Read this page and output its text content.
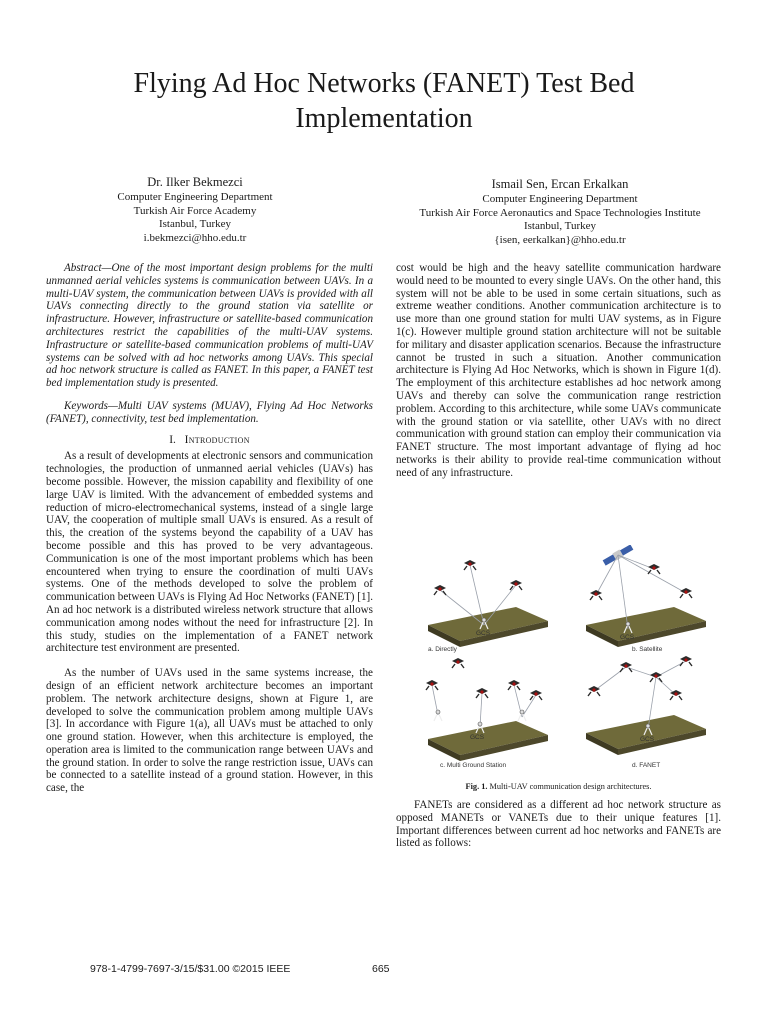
Flying Ad Hoc Networks (FANET) Test Bed
Implementation
Dr. Ilker Bekmezci
Computer Engineering Department
Turkish Air Force Academy
Istanbul, Turkey
i.bekmezci@hho.edu.tr
Ismail Sen, Ercan Erkalkan
Computer Engineering Department
Turkish Air Force Aeronautics and Space Technologies Institute
Istanbul, Turkey
{isen, eerkalkan}@hho.edu.tr

Abstract—One of the most important design problems for the multi unmanned aerial vehicles systems is communication between UAVs. In a multi-UAV system, the communication between UAVs is provided with all UAVs connecting directly to the ground station via satellite or infrastructure. However, infrastructure or satellite-based communication architectures restrict the capabilities of the multi-UAV systems. Infrastructure or satellite-based communication problems of multi-UAV systems can be solved with ad hoc networks among UAVs. This special ad hoc network structure is called as FANET. In this paper, a FANET test bed implementation study is presented.

Keywords—Multi UAV systems (MUAV), Flying Ad Hoc Networks (FANET), connectivity, test bed implementation.

I. Introduction

As a result of developments at electronic sensors and communication technologies, the production of unmanned aerial vehicles (UAVs) has become possible. However, the mission capability and flexibility of one large UAV is limited. With the advancement of embedded systems and reduction of micro-electromechanical systems, instead of a single large UAV, the cooperation of multiple small UAVs is ensured. As a result of this, the creation of the systems beyond the capability of a UAV has become possible and this has proved to be very advantageous. Communication is one of the most important problems which has been encountered when trying to ensure the coordination of multi UAVs systems. One of the methods developed to solve the problem of communication between UAVs is Flying Ad Hoc Networks (FANET) [1]. An ad hoc network is a distributed wireless network structure that allows communication among nodes without the need for infrastructure [2]. In this study, studies on the implementation of a FANET network architecture test environment are presented.

As the number of UAVs used in the same systems increase, the design of an efficient network architecture becomes an important problem. The network architecture designs, shown at Figure 1, are developed to solve the communication problem among multiple UAVs [3]. In accordance with Figure 1(a), all UAVs must be attached to only one ground station. However, when this architecture is employed, the operation area is limited to the communication range between UAVs and the ground station. In order to solve the range restriction issue, UAVs can be connected to a satellite instead of a ground station. However, in this case, the

cost would be high and the heavy satellite communication hardware would need to be mounted to every single UAVs. On the other hand, this system will not be able to be used in some certain situations, such as extreme weather conditions. Another communication architecture is to use more than one ground station for multi UAV systems, as in Figure 1(c). However multiple ground station architecture will not be suitable for military and disaster application scenarios. Because the infrastructure cannot be trusted in such a situation. Another communication architecture is Flying Ad Hoc Networks, which is shown in Figure 1(d). The employment of this architecture establishes ad hoc network among UAVs and thereby can solve the communication range restriction problem. According to this architecture, while some UAVs communicate with the ground station or via satellite, other UAVs with no direct communication with ground station can employ their communication via FANET structure. The most important advantage of flying ad hoc networks is their ability to provide real-time communication without need of any infrastructure.

GCS
a. Directly
GCS
b. Satellite
GCS
c. Multi Ground Station
GCS
d. FANET
Fig. 1. Multi-UAV communication design architectures.

FANETs are considered as a different ad hoc network structure as opposed MANETs or VANETs due to their unique features [1]. Important differences between current ad hoc networks and FANETs are listed as follows:

978-1-4799-7697-3/15/$31.00 ©2015 IEEE	665
